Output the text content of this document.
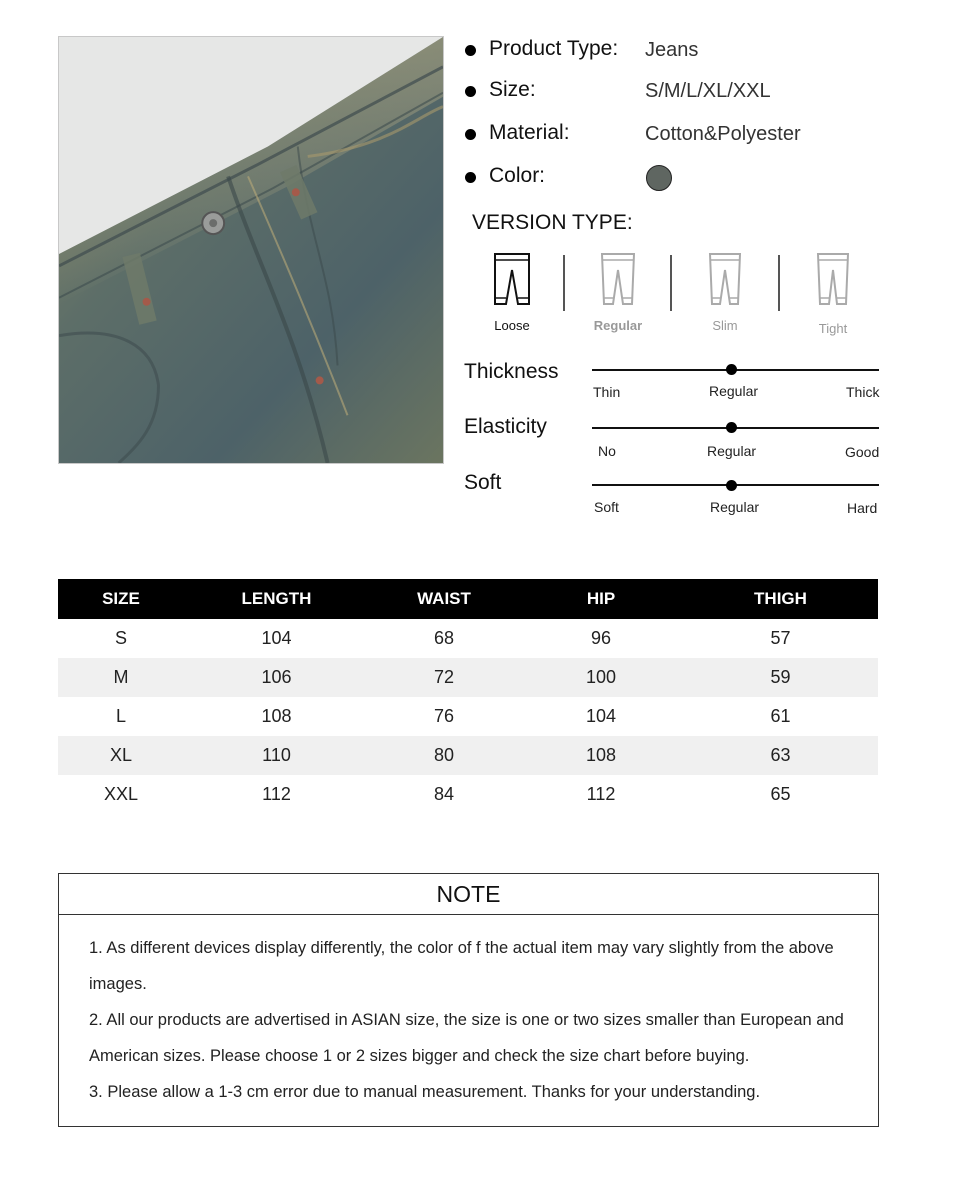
Product Type: Jeans
Size:	S/M/L/XL/XXL
Material:	Cotton&Polyester
Color:
VERSION TYPE:
Loose	Regular	Slim	Tight
Thickness
Thin	Regular	Thick
Elasticity
No	Regular	Good
Soft
Soft	Regular	Hard
SIZE	LENGTH	WAIST	HIP	THIGH
S	104	68	96	57
M	106	72	100	59
L	108	76	104	61
XL	110	80	108	63
XXL	112	84	112	65
NOTE

1. As different devices display differently, the color of f the actual item may vary slightly from the above images.

2. All our products are advertised in ASIAN size, the size is one or two sizes smaller than European and American sizes. Please choose 1 or 2 sizes bigger and check the size chart before buying.

3. Please allow a 1-3 cm error due to manual measurement. Thanks for your understanding.
